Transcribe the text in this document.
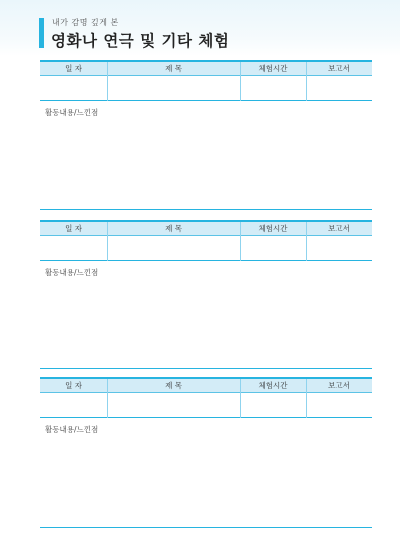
내가 감명 깊게 본
영화나 연극 및 기타 체험
일 자	제 목	체험시간	보고서
활동내용/느낀점
일 자	제 목	체험시간	보고서
활동내용/느낀점
일 자	제 목	체험시간	보고서
활동내용/느낀점
